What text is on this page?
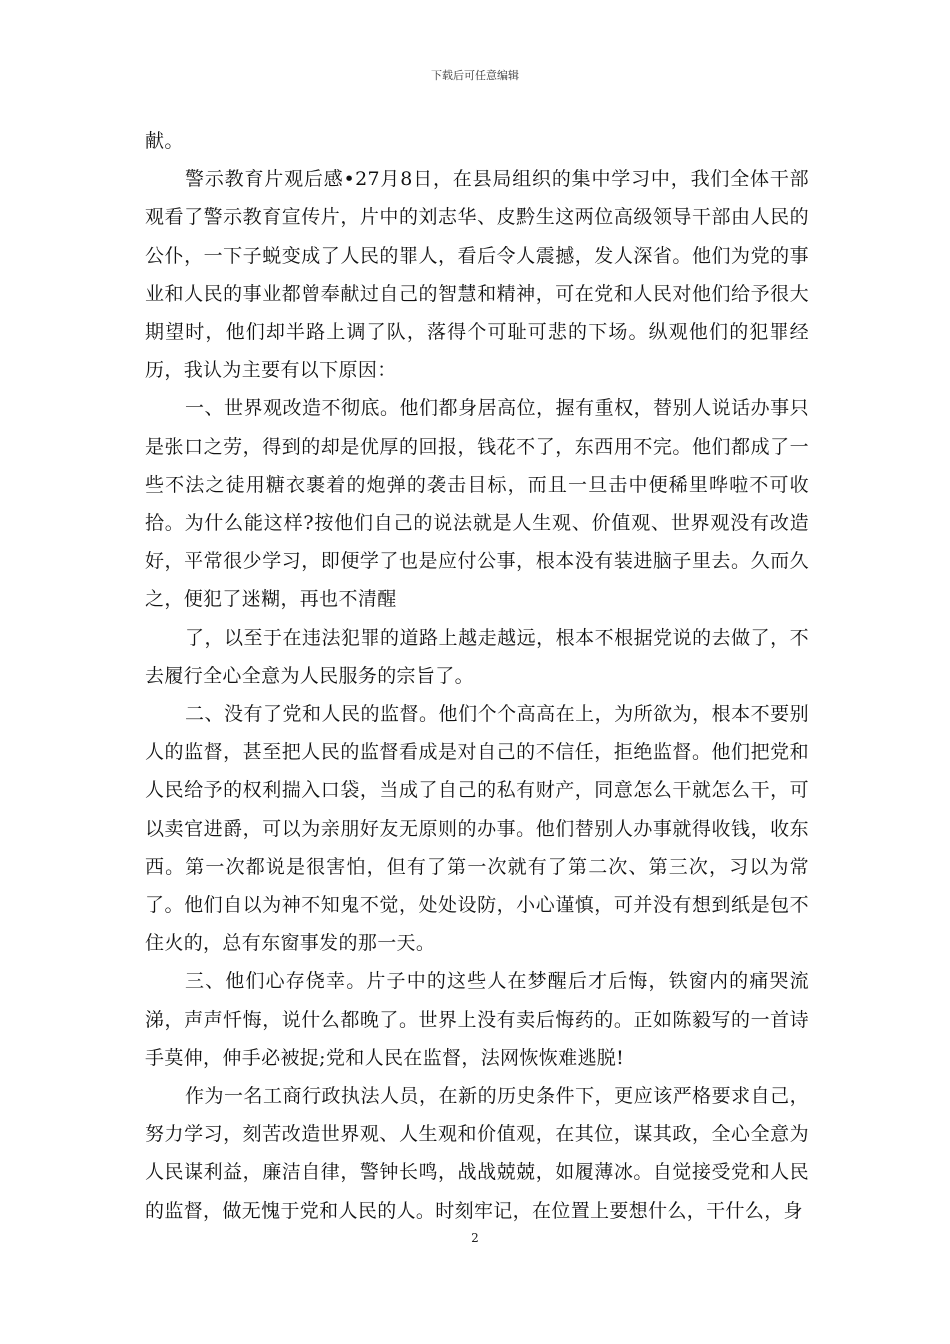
下载后可任意编辑

献。

警示教育片观后感•27月8日，在县局组织的集中学习中，我们全体干部观看了警示教育宣传片，片中的刘志华、皮黔生这两位高级领导干部由人民的公仆，一下子蜕变成了人民的罪人，看后令人震撼，发人深省。他们为党的事业和人民的事业都曾奉献过自己的智慧和精神，可在党和人民对他们给予很大期望时，他们却半路上调了队，落得个可耻可悲的下场。纵观他们的犯罪经历，我认为主要有以下原因：

一、世界观改造不彻底。他们都身居高位，握有重权，替别人说话办事只是张口之劳，得到的却是优厚的回报，钱花不了，东西用不完。他们都成了一些不法之徒用糖衣裹着的炮弹的袭击目标，而且一旦击中便稀里哗啦不可收拾。为什么能这样?按他们自己的说法就是人生观、价值观、世界观没有改造好，平常很少学习，即便学了也是应付公事，根本没有装进脑子里去。久而久之，便犯了迷糊，再也不清醒

了，以至于在违法犯罪的道路上越走越远，根本不根据党说的去做了，不去履行全心全意为人民服务的宗旨了。

二、没有了党和人民的监督。他们个个高高在上，为所欲为，根本不要别人的监督，甚至把人民的监督看成是对自己的不信任，拒绝监督。他们把党和人民给予的权利揣入口袋，当成了自己的私有财产，同意怎么干就怎么干，可以卖官进爵，可以为亲朋好友无原则的办事。他们替别人办事就得收钱，收东西。第一次都说是很害怕，但有了第一次就有了第二次、第三次，习以为常了。他们自以为神不知鬼不觉，处处设防，小心谨慎，可并没有想到纸是包不住火的，总有东窗事发的那一天。

三、他们心存侥幸。片子中的这些人在梦醒后才后悔，铁窗内的痛哭流涕，声声忏悔，说什么都晚了。世界上没有卖后悔药的。正如陈毅写的一首诗手莫伸，伸手必被捉;党和人民在监督，法网恢恢难逃脱!

作为一名工商行政执法人员，在新的历史条件下，更应该严格要求自己，努力学习，刻苦改造世界观、人生观和价值观，在其位，谋其政，全心全意为人民谋利益，廉洁自律，警钟长鸣，战战兢兢，如履薄冰。自觉接受党和人民的监督，做无愧于党和人民的人。时刻牢记，在位置上要想什么，干什么，身

2
